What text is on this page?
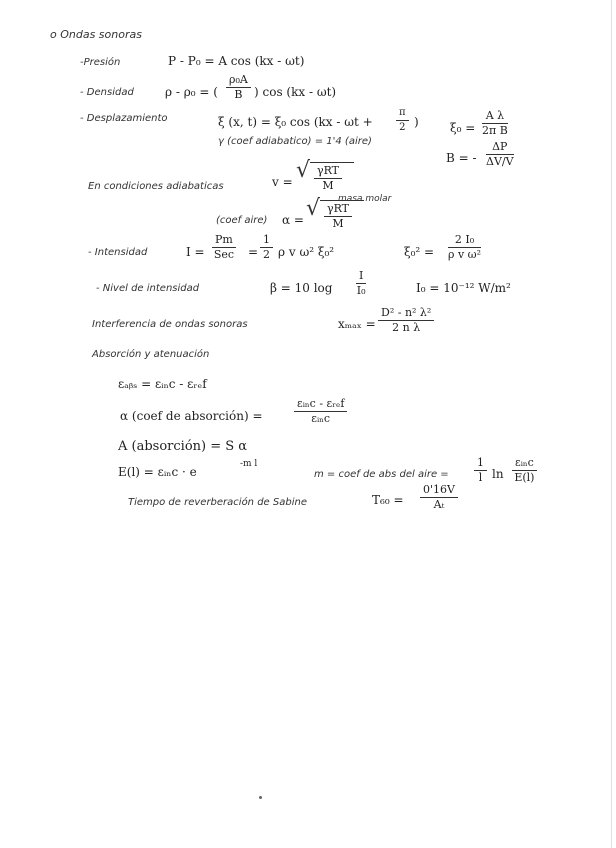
o Ondas sonoras
-Presión	P - P₀ = A cos (kx - ωt)
- Densidad	ρ - ρ₀ = ( $\frac{\text{ρ₀A}}{B}$ ) cos (kx - ωt)
- Desplazamiento	ξ (x, t) = ξ₀ $\cos (kx - \omega t + \frac{\pi}{2}$ )
γ (coef adiabatico) = 1'4 (aire)
$\xi_0 = \frac{\text{A λ}}{\text{2π B}}$
B = - $\frac{\Delta P}{\Delta V/V}$
En condiciones adiabaticas	v = √ γRT
M
masa molar
(coef aire) α = √ γRT
M
- Intensidad	I =
Pm
Sec = $\frac{1}{2}$ ρ v ω² ξ₀²	$\xi_0^2 = \frac{\text{2 I₀}}{\text{ρ v ω²}}$
- Nivel de intensidad	β = 10 $\log \frac{I}{\text{I₀}}$	I₀ = 10⁻¹² W/m²
Interferencia de ondas sonoras	$x_{max} = \frac{\text{D² - n² λ²}}{\text{2 n λ}}$
Absorción y atenuación
εₐᵦₛ = εᵢₙc - εᵣₑf
α (coef de absorción) =
εᵢₙc - εᵣₑf
εᵢₙc
A (absorción) = S α
E(l) = εᵢₙc · e
-m l
m = coef de abs del aire = $\frac{1}{l}$ ln
εᵢₙc
E(l)
Tiempo de reverberación de Sabine	$T_{60} = \frac{0'16V}{\text{Aₜ}}$
